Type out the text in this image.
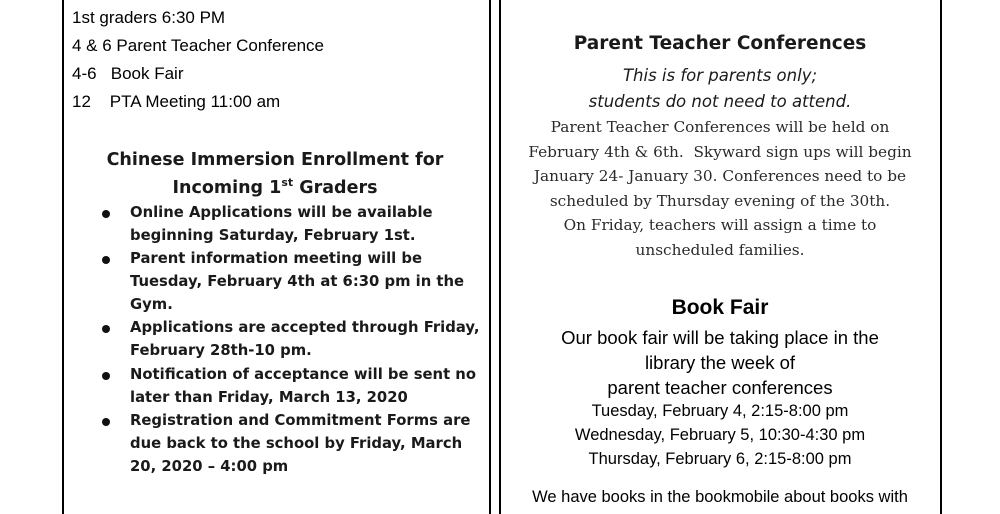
1st graders 6:30 PM
4 & 6 Parent Teacher Conference
4-6   Book Fair
12    PTA Meeting 11:00 am
Chinese Immersion Enrollment for
Incoming 1st Graders
Online Applications will be available beginning Saturday, February 1st.
Parent information meeting will be Tuesday, February 4th at 6:30 pm in the Gym.
Applications are accepted through Friday, February 28th-10 pm.
Notification of acceptance will be sent no later than Friday, March 13, 2020
Registration and Commitment Forms are due back to the school by Friday, March 20, 2020 – 4:00 pm
Parent Teacher Conferences
This is for parents only;
students do not need to attend.
Parent Teacher Conferences will be held on
February 4th & 6th.  Skyward sign ups will begin
January 24- January 30. Conferences need to be
scheduled by Thursday evening of the 30th.
On Friday, teachers will assign a time to
unscheduled families.
Book Fair
Our book fair will be taking place in the
library the week of
parent teacher conferences
Tuesday, February 4, 2:15-8:00 pm
Wednesday, February 5, 10:30-4:30 pm
Thursday, February 6, 2:15-8:00 pm
We have books in the bookmobile about books with
